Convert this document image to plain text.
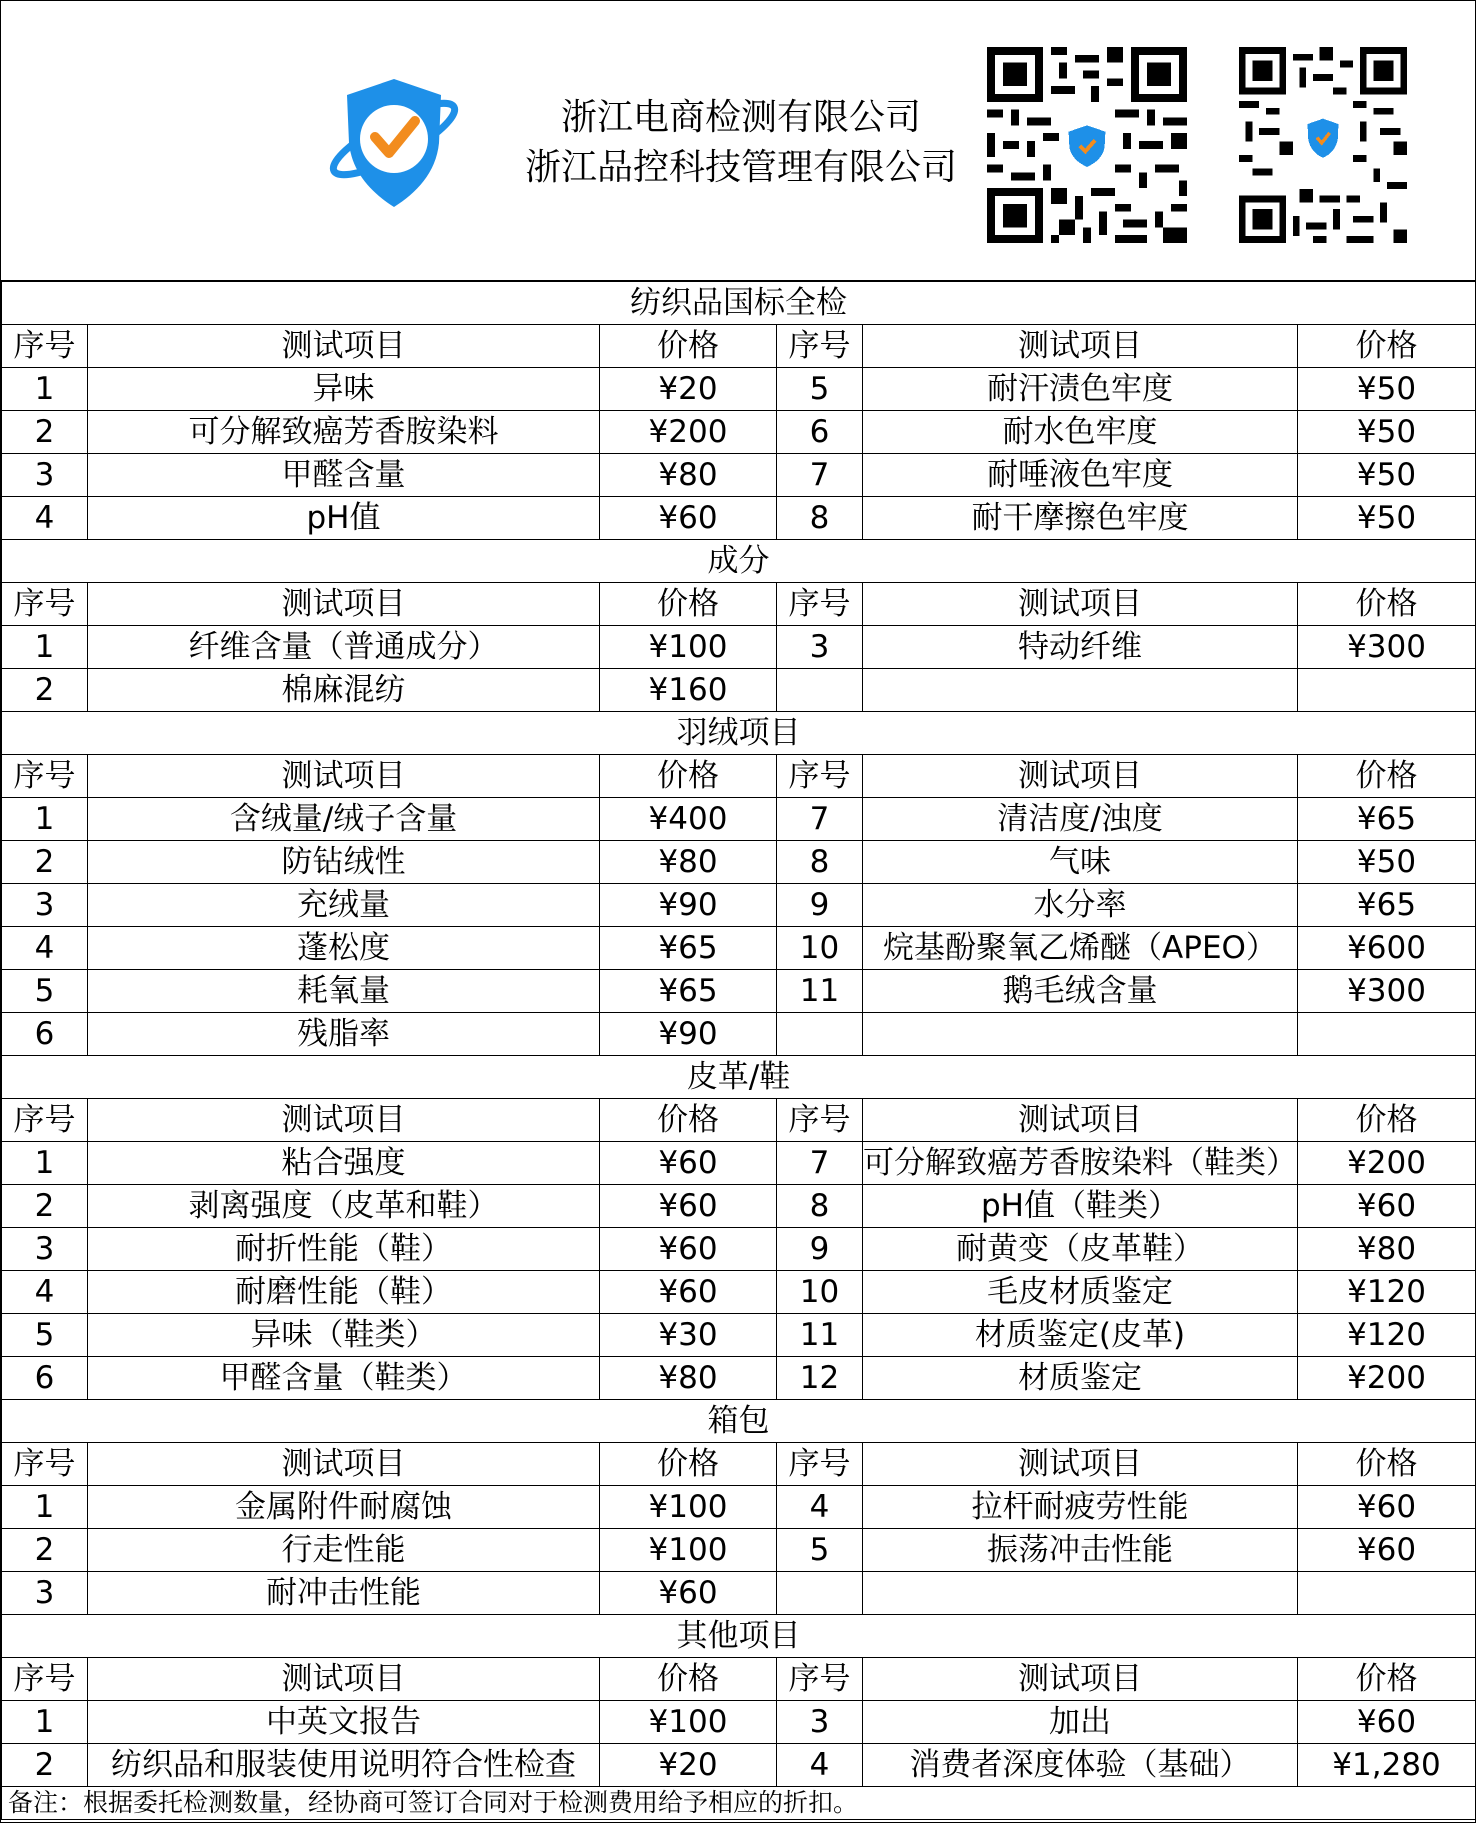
浙江电商检测有限公司
浙江品控科技管理有限公司
纺织品国标全检					
序号	测试项目	价格	序号	测试项目	价格
1	异味	¥20	5	耐汗渍色牢度	¥50
2	可分解致癌芳香胺染料	¥200	6	耐水色牢度	¥50
3	甲醛含量	¥80	7	耐唾液色牢度	¥50
4	pH值	¥60	8	耐干摩擦色牢度	¥50
成分					
序号	测试项目	价格	序号	测试项目	价格
1	纤维含量（普通成分）	¥100	3	特动纤维	¥300
2	棉麻混纺	¥160			
羽绒项目					
序号	测试项目	价格	序号	测试项目	价格
1	含绒量/绒子含量	¥400	7	清洁度/浊度	¥65
2	防钻绒性	¥80	8	气味	¥50
3	充绒量	¥90	9	水分率	¥65
4	蓬松度	¥65	10	烷基酚聚氧乙烯醚（APEO）	¥600
5	耗氧量	¥65	11	鹅毛绒含量	¥300
6	残脂率	¥90			
皮革/鞋					
序号	测试项目	价格	序号	测试项目	价格
1	粘合强度	¥60	7	可分解致癌芳香胺染料（鞋类）	¥200
2	剥离强度（皮革和鞋）	¥60	8	pH值（鞋类）	¥60
3	耐折性能（鞋）	¥60	9	耐黄变（皮革鞋）	¥80
4	耐磨性能（鞋）	¥60	10	毛皮材质鉴定	¥120
5	异味（鞋类）	¥30	11	材质鉴定(皮革)	¥120
6	甲醛含量（鞋类）	¥80	12	材质鉴定	¥200
箱包					
序号	测试项目	价格	序号	测试项目	价格
1	金属附件耐腐蚀	¥100	4	拉杆耐疲劳性能	¥60
2	行走性能	¥100	5	振荡冲击性能	¥60
3	耐冲击性能	¥60			
其他项目					
序号	测试项目	价格	序号	测试项目	价格
1	中英文报告	¥100	3	加出	¥60
2	纺织品和服装使用说明符合性检查	¥20	4	消费者深度体验（基础）	¥1,280
备注：根据委托检测数量，经协商可签订合同对于检测费用给予相应的折扣。					
